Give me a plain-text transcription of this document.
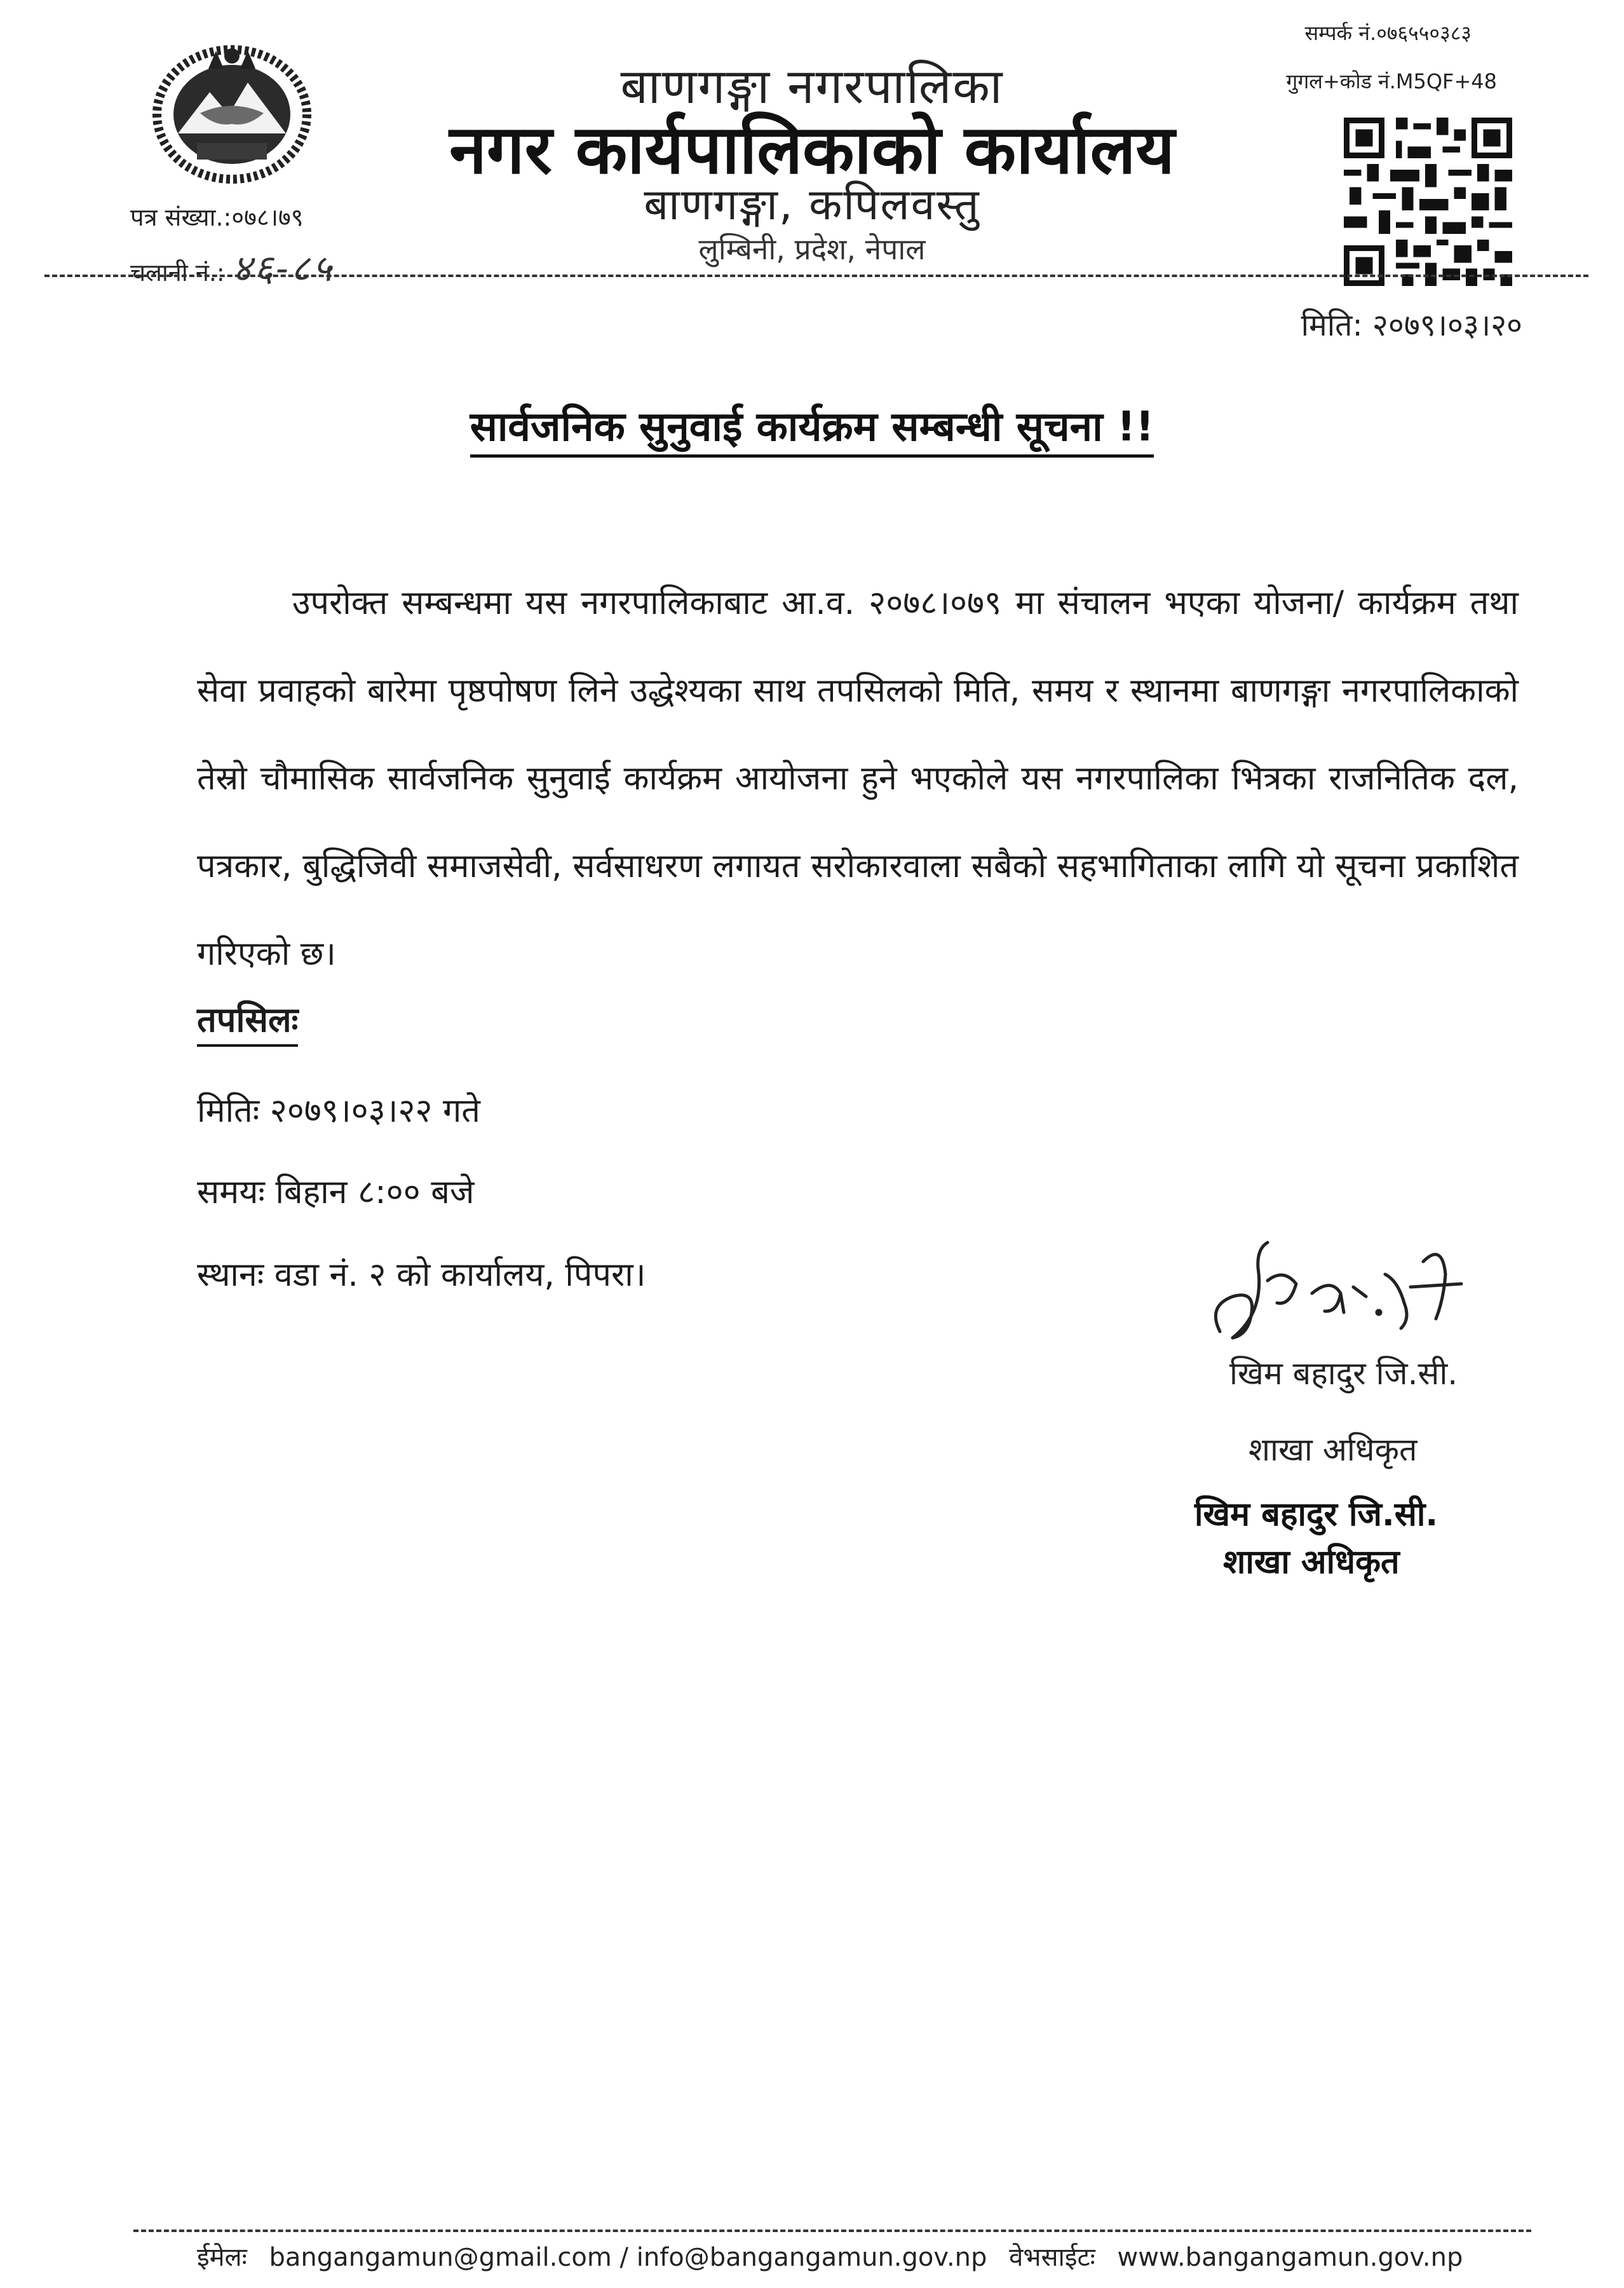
बाणगङ्गा नगरपालिका
नगर कार्यपालिकाको कार्यालय
बाणगङ्गा, कपिलवस्तु
लुम्बिनी, प्रदेश, नेपाल
सम्पर्क नं.०७६५५०३८३
गुगल+कोड नं.M5QF+48
पत्र संख्या.:०७८।७९
चलानी नं.: ४६-८५
मिति: २०७९।०३।२०
सार्वजनिक सुनुवाई कार्यक्रम सम्बन्धी सूचना !!
उपरोक्त सम्बन्धमा यस नगरपालिकाबाट आ.व. २०७८।०७९ मा संचालन भएका योजना/ कार्यक्रम तथा सेवा प्रवाहको बारेमा पृष्ठपोषण लिने उद्धेश्यका साथ तपसिलको मिति, समय र स्थानमा बाणगङ्गा नगरपालिकाको तेस्रो चौमासिक सार्वजनिक सुनुवाई कार्यक्रम आयोजना हुने भएकोले यस नगरपालिका भित्रका राजनितिक दल, पत्रकार, बुद्धिजिवी समाजसेवी, सर्वसाधरण लगायत सरोकारवाला सबैको सहभागिताका लागि यो सूचना प्रकाशित गरिएको छ।
तपसिलः
मितिः २०७९।०३।२२ गते
समयः बिहान ८:०० बजे
स्थानः वडा नं. २ को कार्यालय, पिपरा।
खिम बहादुर जि.सी.
शाखा अधिकृत
खिम बहादुर जि.सी.
शाखा अधिकृत
ईमेलः bangangamun@gmail.com / info@bangangamun.gov.np वेभसाईटः www.bangangamun.gov.np
